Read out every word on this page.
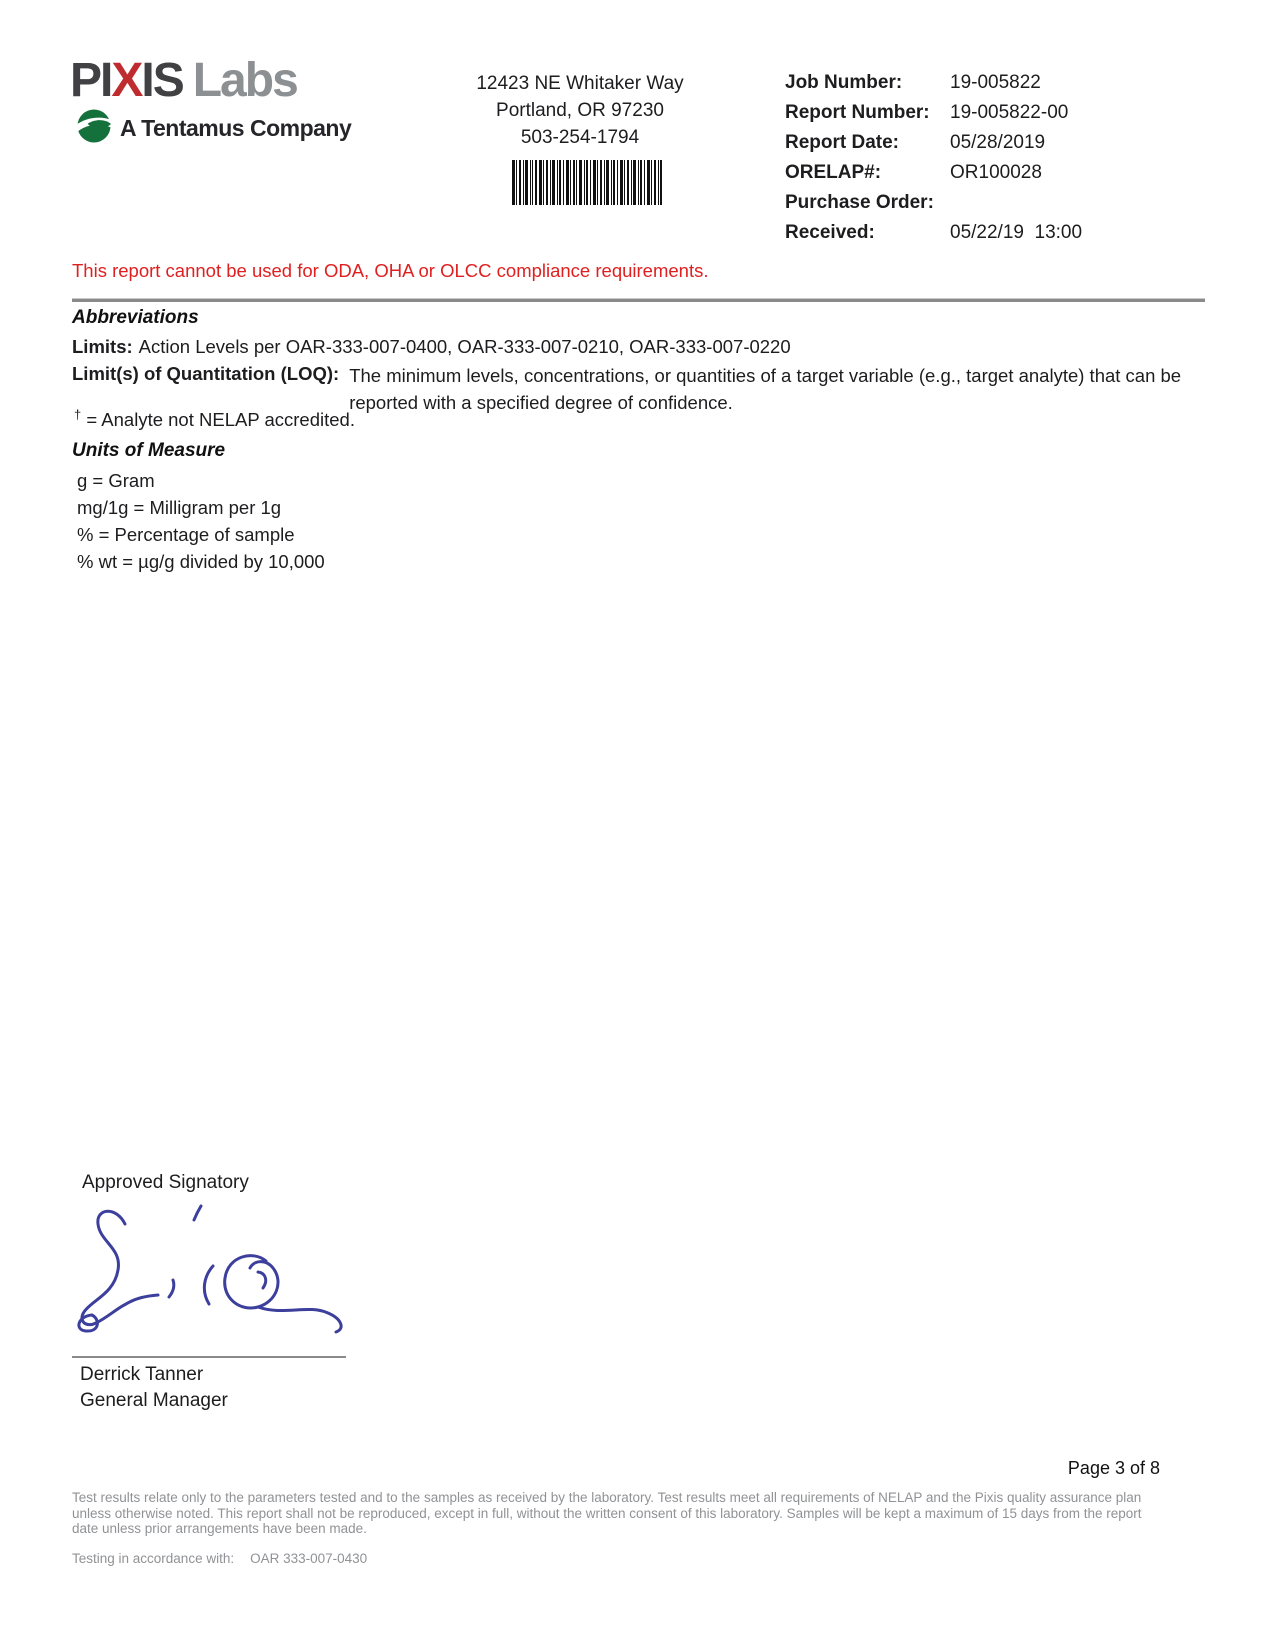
PIXIS Labs
A Tentamus Company
12423 NE Whitaker Way
Portland, OR 97230
503-254-1794
Job Number:	19-005822
Report Number:	19-005822-00
Report Date:	05/28/2019
ORELAP#:	OR100028
Purchase Order:
Received:	05/22/19  13:00
This report cannot be used for ODA, OHA or OLCC compliance requirements.
Abbreviations
Limits: Action Levels per OAR-333-007-0400, OAR-333-007-0210, OAR-333-007-0220
Limit(s) of Quantitation (LOQ): The minimum levels, concentrations, or quantities of a target variable (e.g., target analyte) that can be
reported with a specified degree of confidence.
† = Analyte not NELAP accredited.
Units of Measure
g = Gram
mg/1g = Milligram per 1g
% = Percentage of sample
% wt = µg/g divided by 10,000
Approved Signatory
Derrick Tanner
General Manager
Page 3 of 8
Test results relate only to the parameters tested and to the samples as received by the laboratory. Test results meet all requirements of NELAP and the Pixis quality assurance plan unless otherwise noted. This report shall not be reproduced, except in full, without the written consent of this laboratory. Samples will be kept a maximum of 15 days from the report date unless prior arrangements have been made.
Testing in accordance with: OAR 333-007-0430
